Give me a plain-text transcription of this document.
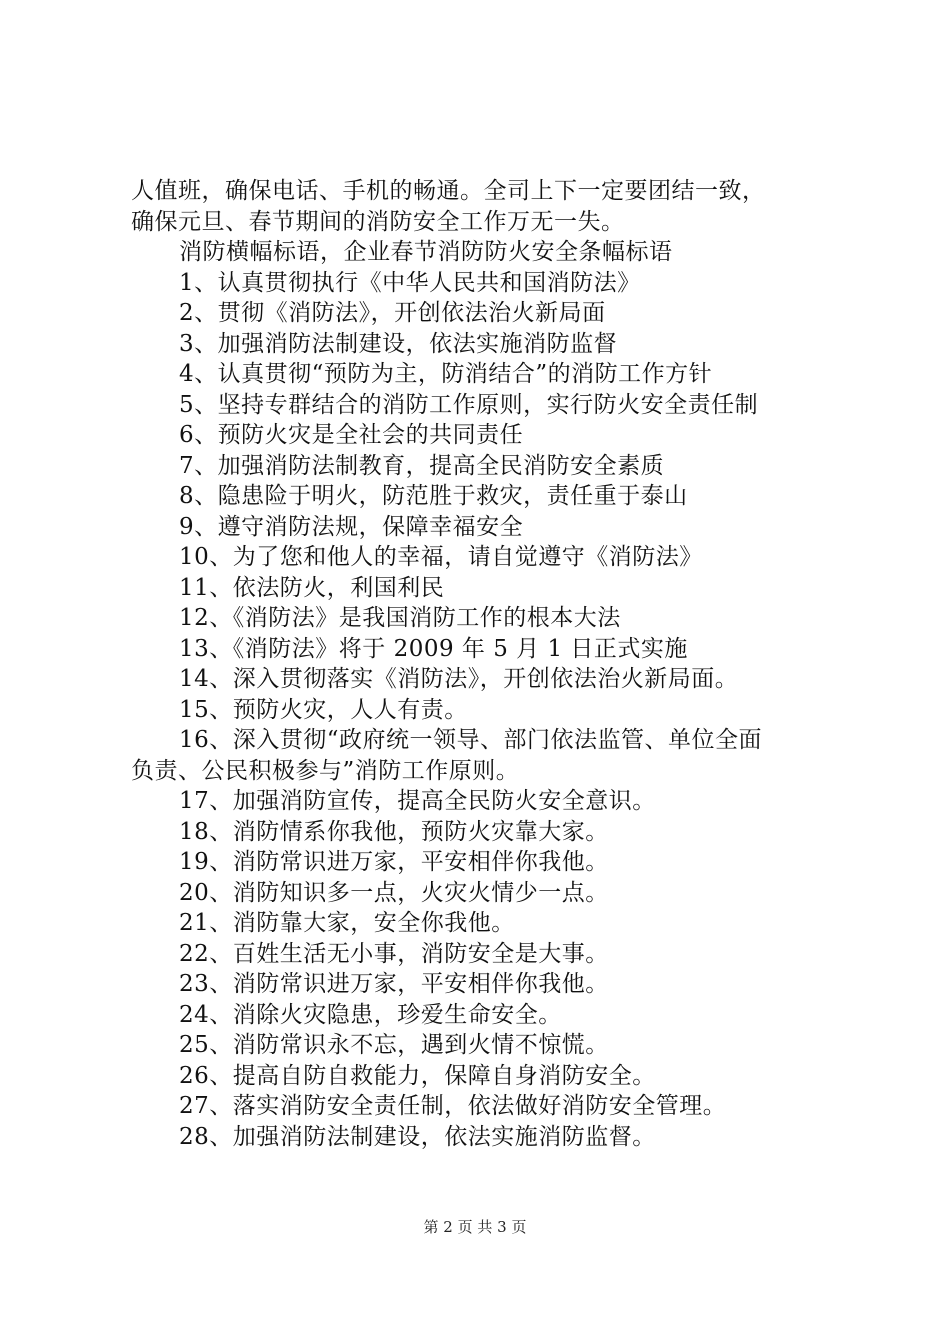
人值班，确保电话、手机的畅通。全司上下一定要团结一致，
确保元旦、春节期间的消防安全工作万无一失。
消防横幅标语，企业春节消防防火安全条幅标语
1、认真贯彻执行《中华人民共和国消防法》
2、贯彻《消防法》，开创依法治火新局面
3、加强消防法制建设，依法实施消防监督
4、认真贯彻“预防为主，防消结合”的消防工作方针
5、坚持专群结合的消防工作原则，实行防火安全责任制
6、预防火灾是全社会的共同责任
7、加强消防法制教育，提高全民消防安全素质
8、隐患险于明火，防范胜于救灾，责任重于泰山
9、遵守消防法规，保障幸福安全
10、为了您和他人的幸福，请自觉遵守《消防法》
11、依法防火，利国利民
12、《消防法》是我国消防工作的根本大法
13、《消防法》将于 2009 年 5 月 1 日正式实施
14、深入贯彻落实《消防法》，开创依法治火新局面。
15、预防火灾，人人有责。
16、深入贯彻“政府统一领导、部门依法监管、单位全面
负责、公民积极参与”消防工作原则。
17、加强消防宣传，提高全民防火安全意识。
18、消防情系你我他，预防火灾靠大家。
19、消防常识进万家，平安相伴你我他。
20、消防知识多一点，火灾火情少一点。
21、消防靠大家，安全你我他。
22、百姓生活无小事，消防安全是大事。
23、消防常识进万家，平安相伴你我他。
24、消除火灾隐患，珍爱生命安全。
25、消防常识永不忘，遇到火情不惊慌。
26、提高自防自救能力，保障自身消防安全。
27、落实消防安全责任制，依法做好消防安全管理。
28、加强消防法制建设，依法实施消防监督。
第 2 页 共 3 页
